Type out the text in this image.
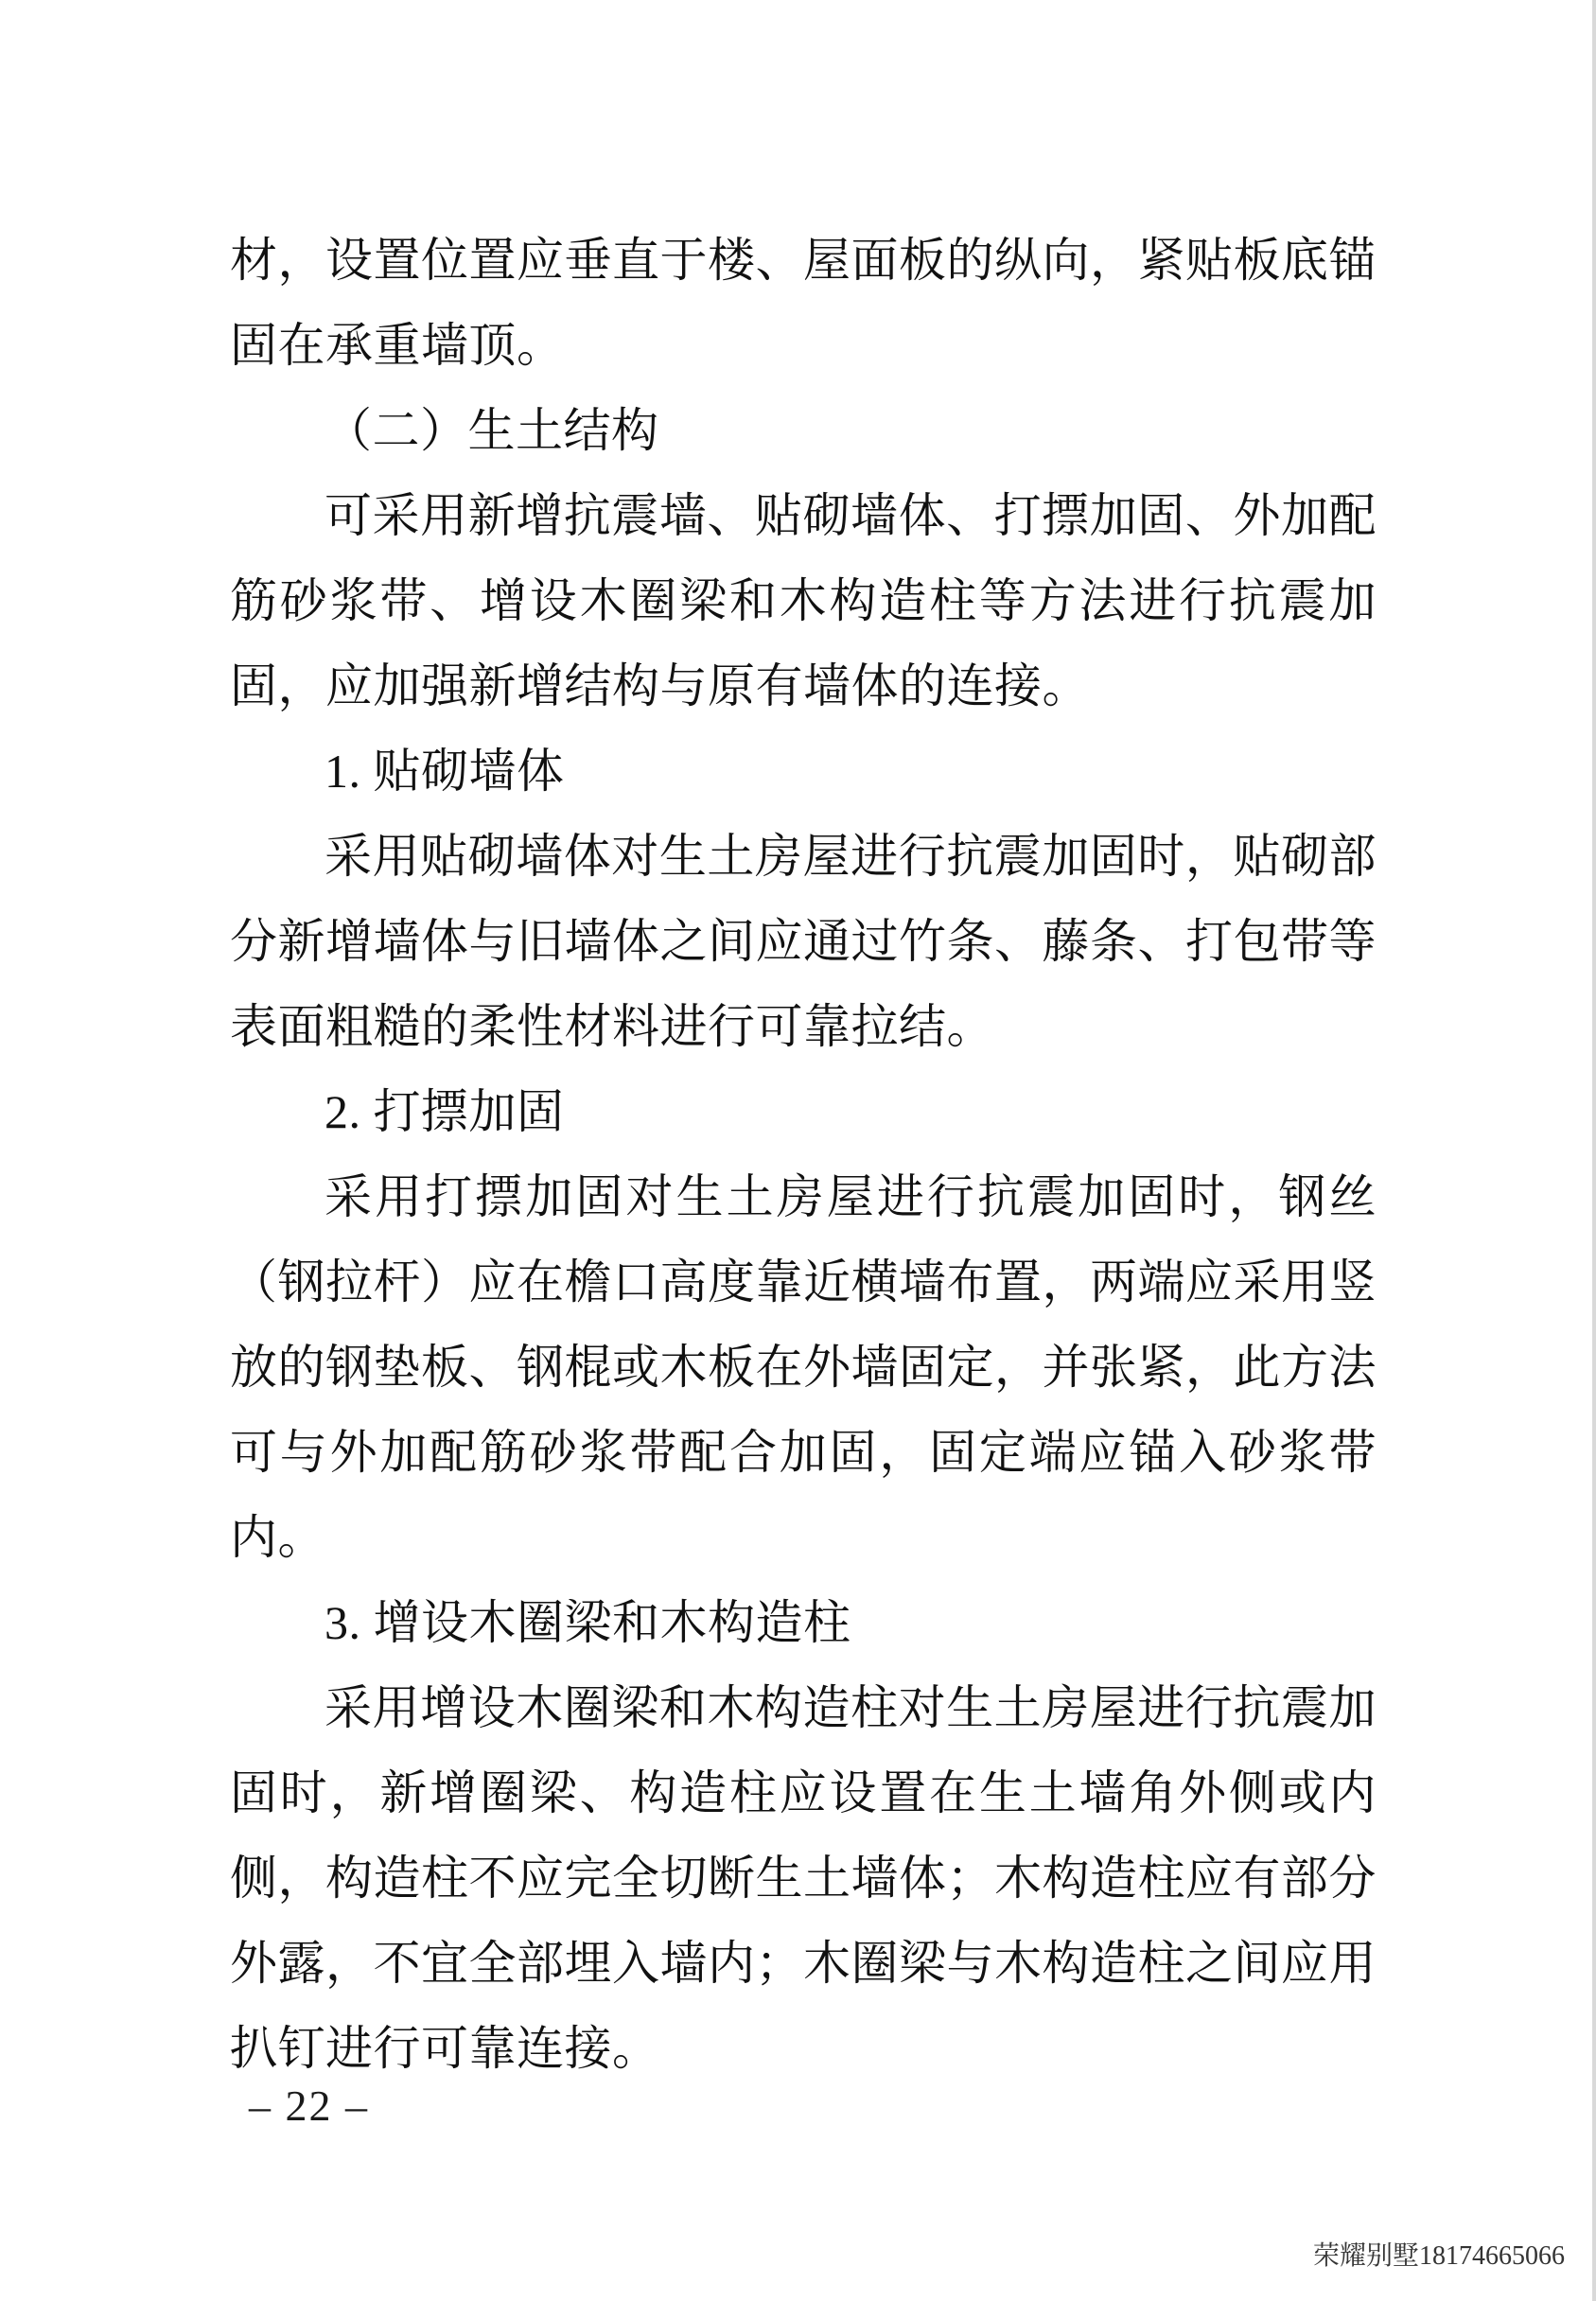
材，设置位置应垂直于楼、屋面板的纵向，紧贴板底锚固在承重墙顶。

（二）生土结构

可采用新增抗震墙、贴砌墙体、打摽加固、外加配筋砂浆带、增设木圈梁和木构造柱等方法进行抗震加固，应加强新增结构与原有墙体的连接。

1. 贴砌墙体

采用贴砌墙体对生土房屋进行抗震加固时，贴砌部分新增墙体与旧墙体之间应通过竹条、藤条、打包带等表面粗糙的柔性材料进行可靠拉结。

2. 打摽加固

采用打摽加固对生土房屋进行抗震加固时，钢丝（钢拉杆）应在檐口高度靠近横墙布置，两端应采用竖放的钢垫板、钢棍或木板在外墙固定，并张紧，此方法可与外加配筋砂浆带配合加固，固定端应锚入砂浆带内。

3. 增设木圈梁和木构造柱

采用增设木圈梁和木构造柱对生土房屋进行抗震加固时，新增圈梁、构造柱应设置在生土墙角外侧或内侧，构造柱不应完全切断生土墙体；木构造柱应有部分外露，不宜全部埋入墙内；木圈梁与木构造柱之间应用扒钉进行可靠连接。

– 22 –
荣耀别墅18174665066
